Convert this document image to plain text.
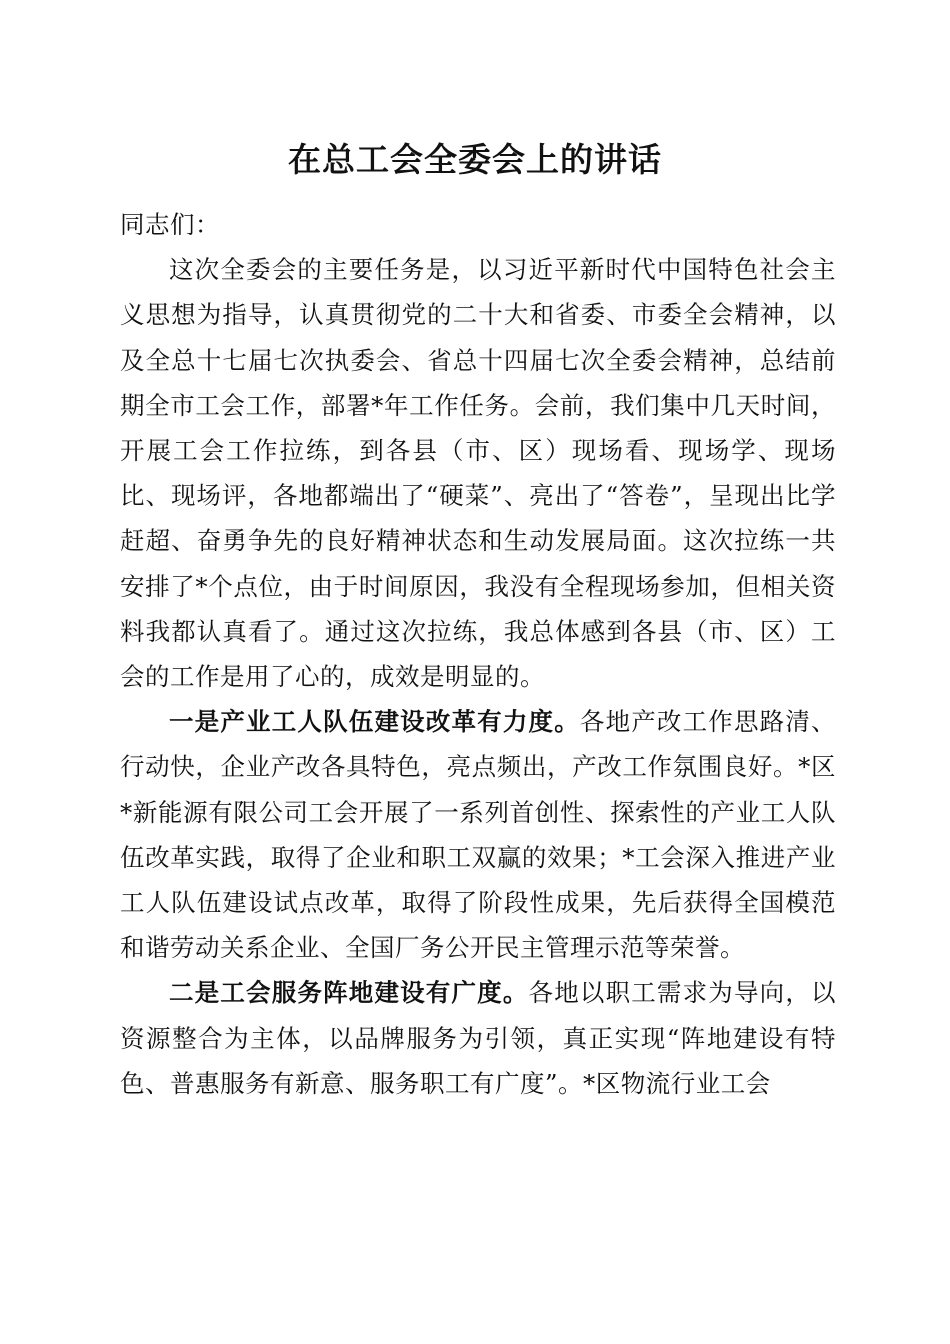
在总工会全委会上的讲话

同志们：

这次全委会的主要任务是，以习近平新时代中国特色社会主义思想为指导，认真贯彻党的二十大和省委、市委全会精神，以及全总十七届七次执委会、省总十四届七次全委会精神，总结前期全市工会工作，部署*年工作任务。会前，我们集中几天时间，开展工会工作拉练，到各县（市、区）现场看、现场学、现场比、现场评，各地都端出了“硬菜”、亮出了“答卷”，呈现出比学赶超、奋勇争先的良好精神状态和生动发展局面。这次拉练一共安排了*个点位，由于时间原因，我没有全程现场参加，但相关资料我都认真看了。通过这次拉练，我总体感到各县（市、区）工会的工作是用了心的，成效是明显的。

一是产业工人队伍建设改革有力度。各地产改工作思路清、行动快，企业产改各具特色，亮点频出，产改工作氛围良好。*区*新能源有限公司工会开展了一系列首创性、探索性的产业工人队伍改革实践，取得了企业和职工双赢的效果；*工会深入推进产业工人队伍建设试点改革，取得了阶段性成果，先后获得全国模范和谐劳动关系企业、全国厂务公开民主管理示范等荣誉。

二是工会服务阵地建设有广度。各地以职工需求为导向，以资源整合为主体，以品牌服务为引领，真正实现“阵地建设有特色、普惠服务有新意、服务职工有广度”。*区物流行业工会
